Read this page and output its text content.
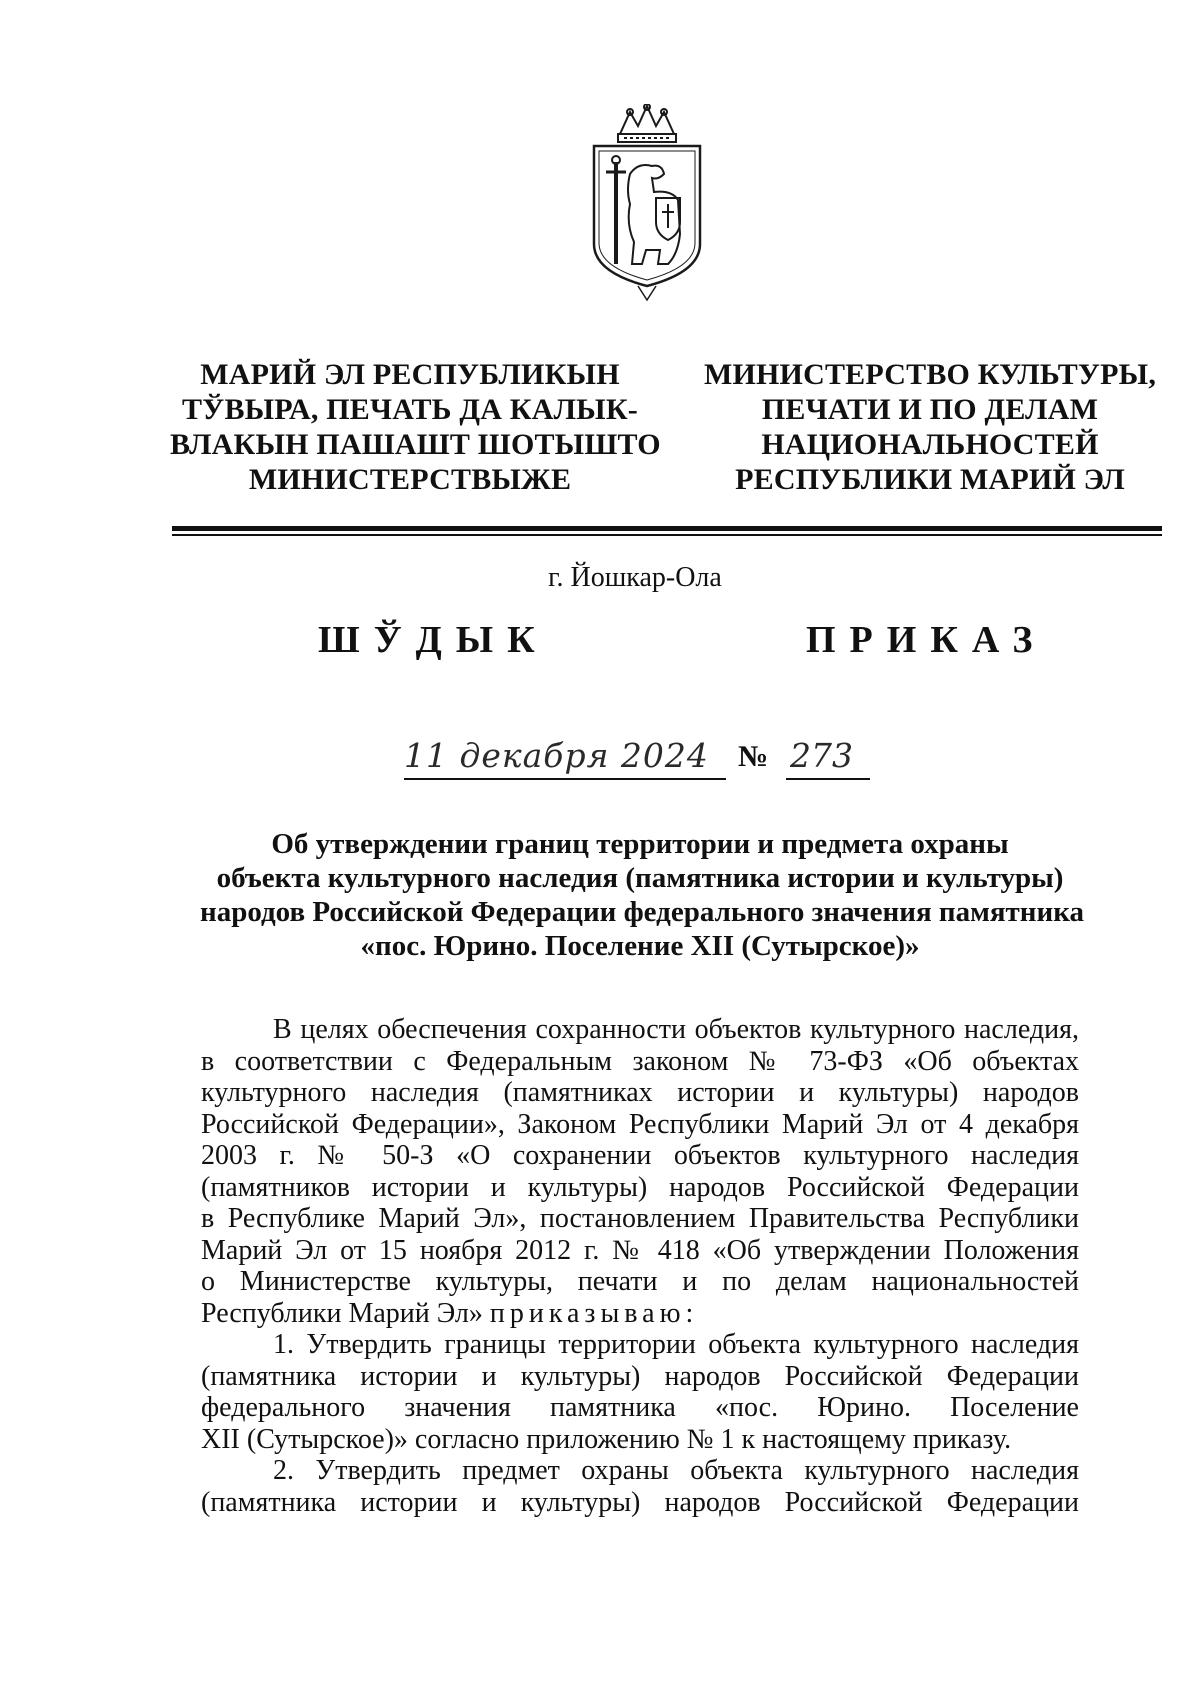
МАРИЙ ЭЛ РЕСПУБЛИКЫН
ТЎВЫРА, ПЕЧАТЬ ДА КАЛЫК-
ВЛАКЫН ПАШАШТ ШОТЫШТО
МИНИСТЕРСТВЫЖЕ
МИНИСТЕРСТВО КУЛЬТУРЫ,
ПЕЧАТИ И ПО ДЕЛАМ
НАЦИОНАЛЬНОСТЕЙ
РЕСПУБЛИКИ МАРИЙ ЭЛ
г. Йошкар-Ола
ШЎДЫК	ПРИКАЗ
11 декабря 2024 № 273
Об утверждении границ территории и предмета охраны
объекта культурного наследия (памятника истории и культуры)
народов Российской Федерации федерального значения памятника
«пос. Юрино. Поселение XII (Сутырское)»
В целях обеспечения сохранности объектов культурного наследия,
в соответствии с Федеральным законом № 73-ФЗ «Об объектах
культурного наследия (памятниках истории и культуры) народов
Российской Федерации», Законом Республики Марий Эл от 4 декабря
2003 г. № 50-З «О сохранении объектов культурного наследия
(памятников истории и культуры) народов Российской Федерации
в Республике Марий Эл», постановлением Правительства Республики
Марий Эл от 15 ноября 2012 г. № 418 «Об утверждении Положения
о Министерстве культуры, печати и по делам национальностей
Республики Марий Эл» приказываю:
1. Утвердить границы территории объекта культурного наследия
(памятника истории и культуры) народов Российской Федерации
федерального значения памятника «пос. Юрино. Поселение
XII (Сутырское)» согласно приложению № 1 к настоящему приказу.
2. Утвердить предмет охраны объекта культурного наследия
(памятника истории и культуры) народов Российской Федерации
